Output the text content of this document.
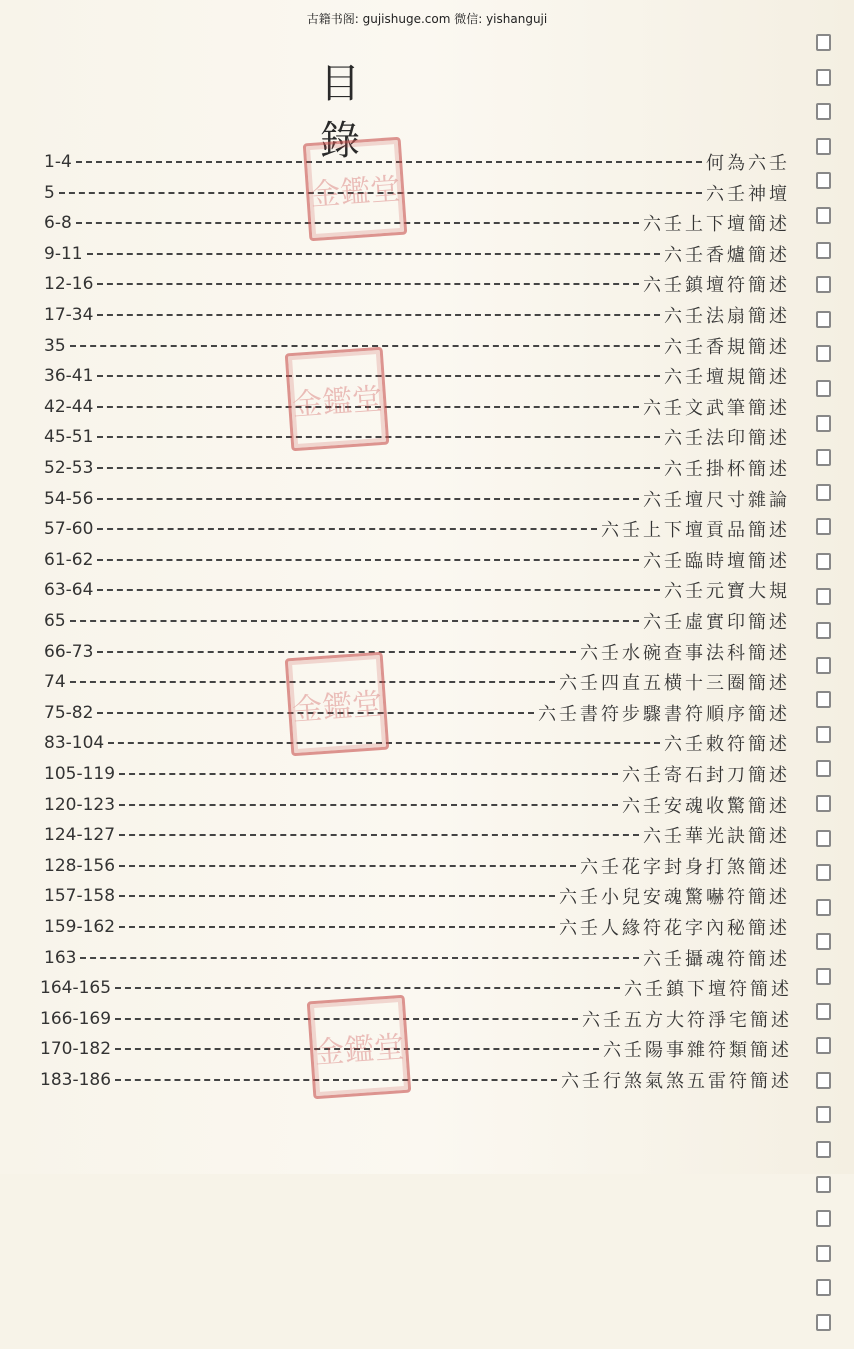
古籍书阁: gujishuge.com 微信: yishanguji
目 錄
1-4	何為六壬
5	六壬神壇
6-8	六壬上下壇簡述
9-11	六壬香爐簡述
12-16	六壬鎮壇符簡述
17-34	六壬法扇簡述
35	六壬香規簡述
36-41	六壬壇規簡述
42-44	六壬文武筆簡述
45-51	六壬法印簡述
52-53	六壬掛杯簡述
54-56	六壬壇尺寸雜論
57-60	六壬上下壇貢品簡述
61-62	六壬臨時壇簡述
63-64	六壬元寶大規
65	六壬虛實印簡述
66-73	六壬水碗查事法科簡述
74	六壬四直五横十三圈簡述
75-82	六壬書符步驟書符順序簡述
83-104	六壬敕符簡述
105-119	六壬寄石封刀簡述
120-123	六壬安魂收驚簡述
124-127	六壬華光訣簡述
128-156	六壬花字封身打煞簡述
157-158	六壬小兒安魂驚嚇符簡述
159-162	六壬人緣符花字內秘簡述
163	六壬攝魂符簡述
164-165	六壬鎮下壇符簡述
166-169	六壬五方大符淨宅簡述
170-182	六壬陽事雜符類簡述
183-186	六壬行煞氣煞五雷符簡述
金鑑堂
金鑑堂
金鑑堂
金鑑堂
